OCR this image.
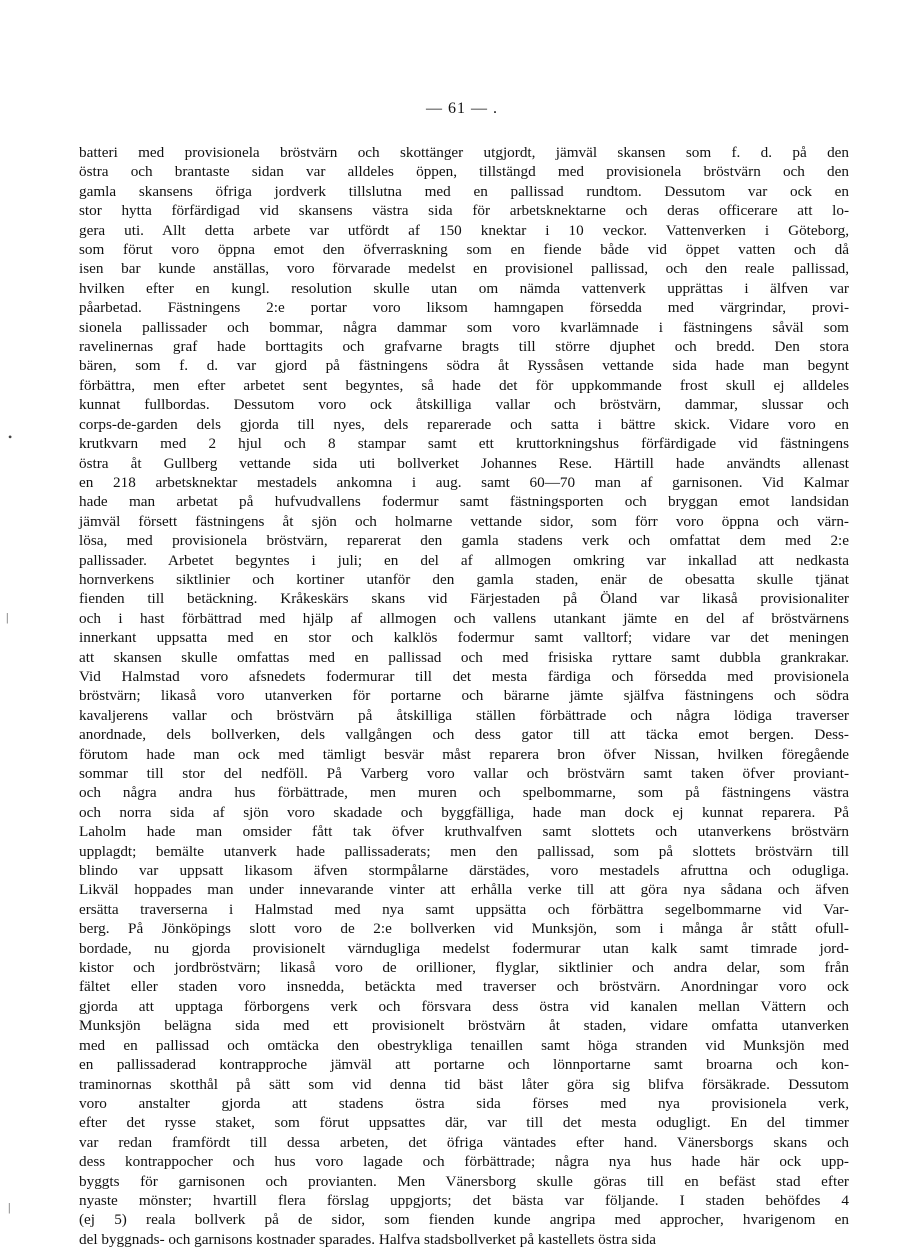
— 61 — .
batteri med provisionela bröstvärn och skottänger utgjordt, jämväl skansen som f. d. på den
östra och brantaste sidan var alldeles öppen, tillstängd med provisionela bröstvärn och den
gamla skansens öfriga jordverk tillslutna med en pallissad rundtom. Dessutom var ock en
stor hytta förfärdigad vid skansens västra sida för arbetsknektarne och deras officerare att lo-
gera uti. Allt detta arbete var utfördt af 150 knektar i 10 veckor. Vattenverken i Göteborg,
som förut voro öppna emot den öfverraskning som en fiende både vid öppet vatten och då
isen bar kunde anställas, voro förvarade medelst en provisionel pallissad, och den reale pallissad,
hvilken efter en kungl. resolution skulle utan om nämda vattenverk upprättas i älfven var
påarbetad. Fästningens 2:e portar voro liksom hamngapen försedda med värgrindar, provi-
sionela pallissader och bommar, några dammar som voro kvarlämnade i fästningens såväl som
ravelinernas graf hade borttagits och grafvarne bragts till större djuphet och bredd. Den stora
bären, som f. d. var gjord på fästningens södra åt Ryssåsen vettande sida hade man begynt
förbättra, men efter arbetet sent begyntes, så hade det för uppkommande frost skull ej alldeles
kunnat fullbordas. Dessutom voro ock åtskilliga vallar och bröstvärn, dammar, slussar och
corps-de-garden dels gjorda till nyes, dels reparerade och satta i bättre skick. Vidare voro en
krutkvarn med 2 hjul och 8 stampar samt ett kruttorkningshus förfärdigade vid fästningens
östra åt Gullberg vettande sida uti bollverket Johannes Rese. Härtill hade användts allenast
en 218 arbetsknektar mestadels ankomna i aug. samt 60—70 man af garnisonen. Vid Kalmar
hade man arbetat på hufvudvallens fodermur samt fästningsporten och bryggan emot landsidan
jämväl försett fästningens åt sjön och holmarne vettande sidor, som förr voro öppna och värn-
lösa, med provisionela bröstvärn, reparerat den gamla stadens verk och omfattat dem med 2:e
pallissader. Arbetet begyntes i juli; en del af allmogen omkring var inkallad att nedkasta
hornverkens siktlinier och kortiner utanför den gamla staden, enär de obesatta skulle tjänat
fienden till betäckning. Kråkeskärs skans vid Färjestaden på Öland var likaså provisionaliter
och i hast förbättrad med hjälp af allmogen och vallens utankant jämte en del af bröstvärnens
innerkant uppsatta med en stor och kalklös fodermur samt valltorf; vidare var det meningen
att skansen skulle omfattas med en pallissad och med frisiska ryttare samt dubbla grankrakar.
Vid Halmstad voro afsnedets fodermurar till det mesta färdiga och försedda med provisionela
bröstvärn; likaså voro utanverken för portarne och bärarne jämte själfva fästningens och södra
kavaljerens vallar och bröstvärn på åtskilliga ställen förbättrade och några lödiga traverser
anordnade, dels bollverken, dels vallgången och dess gator till att täcka emot bergen. Dess-
förutom hade man ock med tämligt besvär måst reparera bron öfver Nissan, hvilken föregående
sommar till stor del nedföll. På Varberg voro vallar och bröstvärn samt taken öfver proviant-
och några andra hus förbättrade, men muren och spelbommarne, som på fästningens västra
och norra sida af sjön voro skadade och byggfälliga, hade man dock ej kunnat reparera. På
Laholm hade man omsider fått tak öfver kruthvalfven samt slottets och utanverkens bröstvärn
upplagdt; bemälte utanverk hade pallissaderats; men den pallissad, som på slottets bröstvärn till
blindo var uppsatt likasom äfven stormpålarne därstädes, voro mestadels afruttna och odugliga.
Likväl hoppades man under innevarande vinter att erhålla verke till att göra nya sådana och äfven
ersätta traverserna i Halmstad med nya samt uppsätta och förbättra segelbommarne vid Var-
berg. På Jönköpings slott voro de 2:e bollverken vid Munksjön, som i många år stått ofull-
bordade, nu gjorda provisionelt värndugliga medelst fodermurar utan kalk samt timrade jord-
kistor och jordbröstvärn; likaså voro de orillioner, flyglar, siktlinier och andra delar, som från
fältet eller staden voro insnedda, betäckta med traverser och bröstvärn. Anordningar voro ock
gjorda att upptaga förborgens verk och försvara dess östra vid kanalen mellan Vättern och
Munksjön belägna sida med ett provisionelt bröstvärn åt staden, vidare omfatta utanverken
med en pallissad och omtäcka den obestrykliga tenaillen samt höga stranden vid Munksjön med
en pallissaderad kontrapproche jämväl att portarne och lönnportarne samt broarna och kon-
traminornas skotthål på sätt som vid denna tid bäst låter göra sig blifva försäkrade. Dessutom
voro anstalter gjorda att stadens östra sida förses med nya provisionela verk,
efter det rysse staket, som förut uppsattes där, var till det mesta odugligt. En del timmer
var redan framfördt till dessa arbeten, det öfriga väntades efter hand. Vänersborgs skans och
dess kontrappocher och hus voro lagade och förbättrade; några nya hus hade här ock upp-
byggts för garnisonen och provianten. Men Vänersborg skulle göras till en befäst stad efter
nyaste mönster; hvartill flera förslag uppgjorts; det bästa var följande. I staden behöfdes 4
(ej 5) reala bollverk på de sidor, som fienden kunde angripa med approcher, hvarigenom en
del byggnads- och garnisons kostnader sparades. Halfva stadsbollverket på kastellets östra sida
•
|
|
